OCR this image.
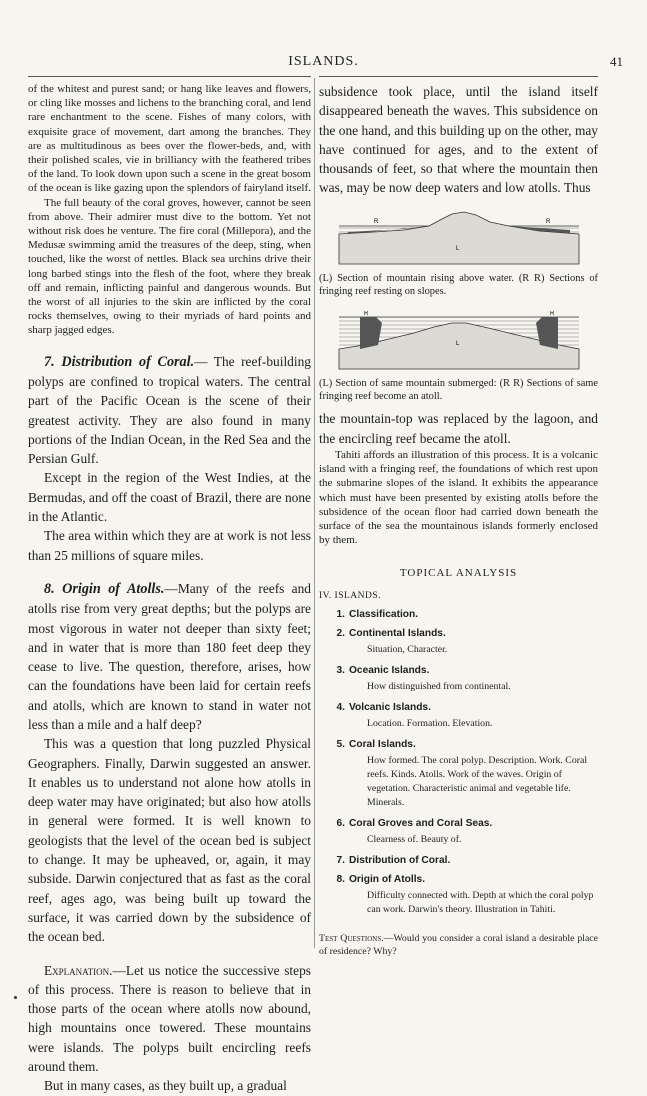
ISLANDS.	41

of the whitest and purest sand; or hang like leaves and flowers, or cling like mosses and lichens to the branching coral, and lend rare enchantment to the scene. Fishes of many colors, with exquisite grace of movement, dart among the branches. They are as multitudinous as bees over the flower-beds, and, with their polished scales, vie in brilliancy with the feathered tribes of the land. To look down upon such a scene in the great bosom of the ocean is like gazing upon the splendors of fairyland itself.

The full beauty of the coral groves, however, cannot be seen from above. Their admirer must dive to the bottom. Yet not without risk does he venture. The fire coral (Millepora), and the Medusæ swimming amid the treasures of the deep, sting, when touched, like the worst of nettles. Black sea urchins drive their long barbed stings into the flesh of the foot, where they break off and remain, inflicting painful and dangerous wounds. But the worst of all injuries to the skin are inflicted by the coral rocks themselves, owing to their myriads of hard points and sharp jagged edges.

7. Distribution of Coral.— The reef-building polyps are confined to tropical waters. The central part of the Pacific Ocean is the scene of their greatest activity. They are also found in many portions of the Indian Ocean, in the Red Sea and the Persian Gulf.

Except in the region of the West Indies, at the Bermudas, and off the coast of Brazil, there are none in the Atlantic.

The area within which they are at work is not less than 25 millions of square miles.

8. Origin of Atolls.—Many of the reefs and atolls rise from very great depths; but the polyps are most vigorous in water not deeper than sixty feet; and in water that is more than 180 feet deep they cease to live. The question, therefore, arises, how can the foundations have been laid for certain reefs and atolls, which are known to stand in water not less than a mile and a half deep?

This was a question that long puzzled Physical Geographers. Finally, Darwin suggested an answer. It enables us to understand not alone how atolls in deep water may have originated; but also how atolls in general were formed. It is well known to geologists that the level of the ocean bed is subject to change. It may be upheaved, or, again, it may subside. Darwin conjectured that as fast as the coral reef, ages ago, was being built up toward the surface, it was carried down by the subsidence of the ocean bed.

Explanation.—Let us notice the successive steps of this process. There is reason to believe that in those parts of the ocean where atolls now abound, high mountains once towered. These mountains were islands. The polyps built encircling reefs around them.

But in many cases, as they built up, a gradual

subsidence took place, until the island itself disappeared beneath the waves. This subsidence on the one hand, and this building up on the other, may have continued for ages, and to the extent of thousands of feet, so that where the mountain then was, may be now deep waters and low atolls. Thus

R	R
L

(L) Section of mountain rising above water. (R R) Sections of fringing reef resting on slopes.

R	R
L

(L) Section of same mountain submerged: (R R) Sections of same fringing reef become an atoll.

the mountain-top was replaced by the lagoon, and the encircling reef became the atoll.

Tahiti affords an illustration of this process. It is a volcanic island with a fringing reef, the foundations of which rest upon the submarine slopes of the island. It exhibits the appearance which must have been presented by existing atolls before the subsidence of the ocean floor had carried down beneath the surface of the sea the mountainous islands formerly enclosed by them.

TOPICAL ANALYSIS
IV. ISLANDS.
1. Classification.
2. Continental Islands.
Situation, Character.
3. Oceanic Islands.
How distinguished from continental.
4. Volcanic Islands.
Location. Formation. Elevation.
5. Coral Islands.
How formed. The coral polyp. Description. Work. Coral reefs. Kinds. Atolls. Work of the waves. Origin of vegetation. Characteristic animal and vegetable life. Minerals.
6. Coral Groves and Coral Seas.
Clearness of. Beauty of.
7. Distribution of Coral.
8. Origin of Atolls.
Difficulty connected with. Depth at which the coral polyp can work. Darwin's theory. Illustration in Tahiti.

Test Questions.—Would you consider a coral island a desirable place of residence? Why?
